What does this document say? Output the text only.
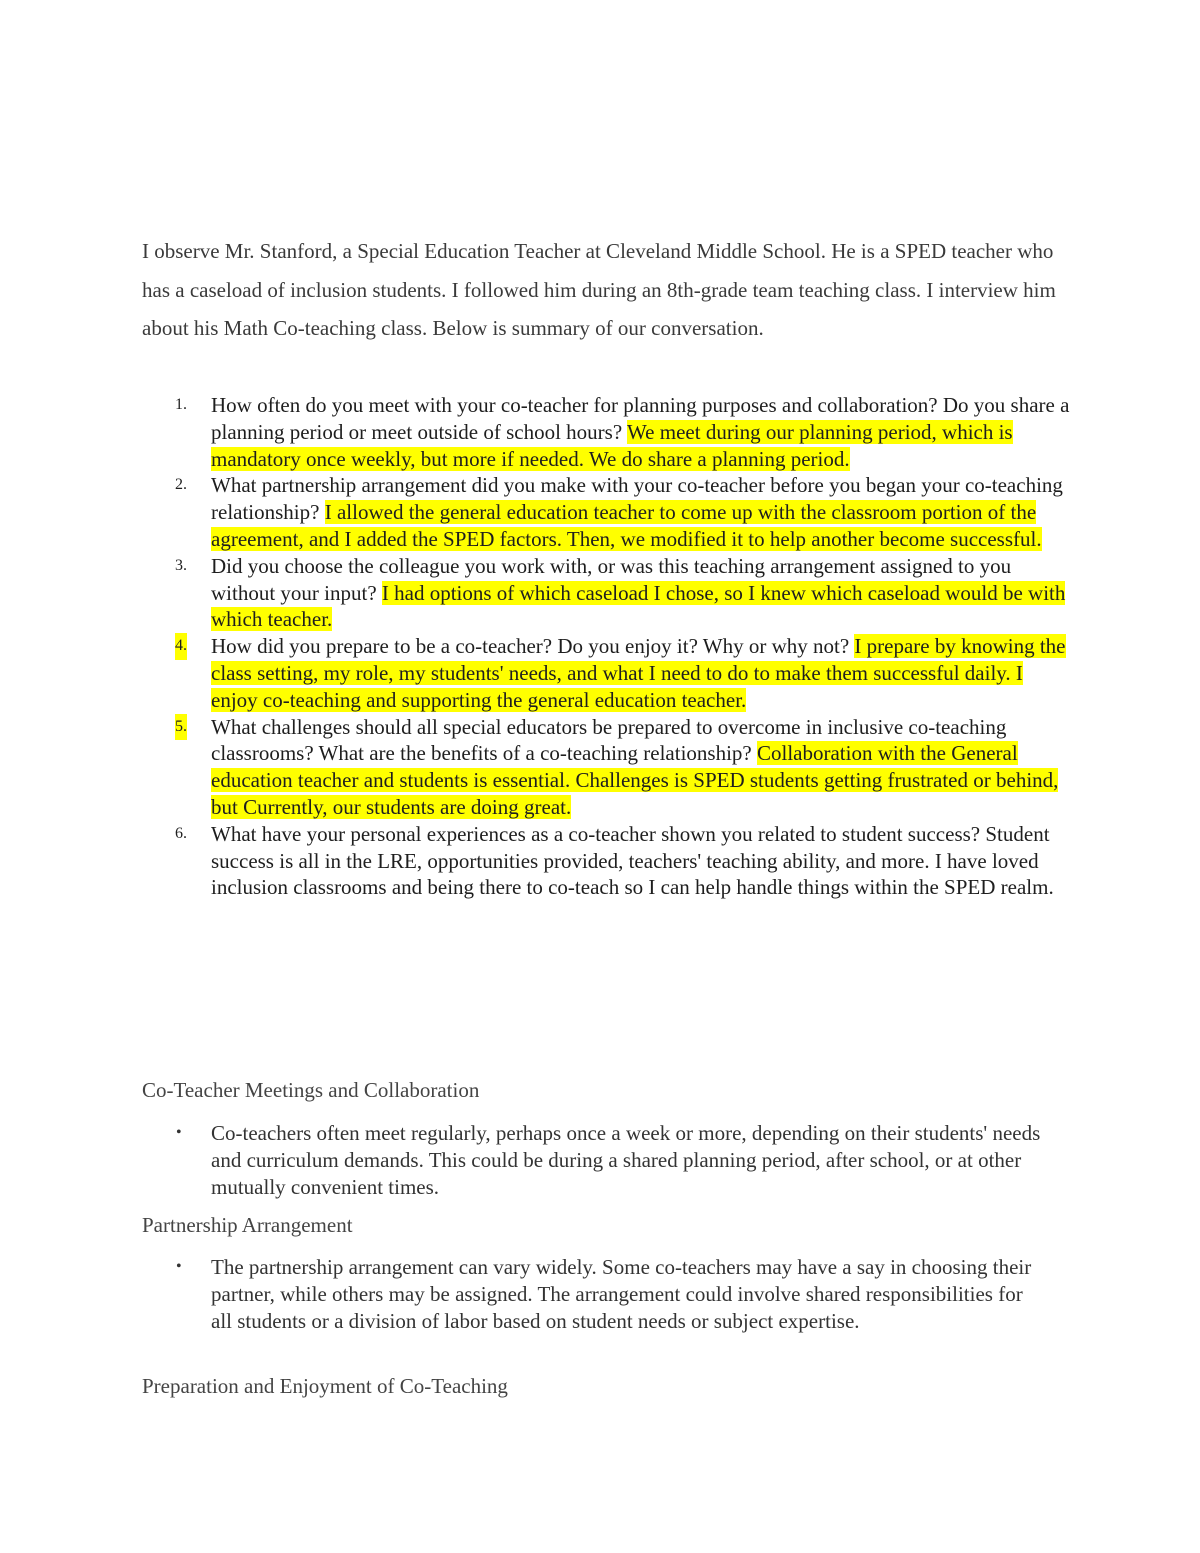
I observe Mr. Stanford, a Special Education Teacher at Cleveland Middle School. He is a SPED teacher who has a caseload of inclusion students. I followed him during an 8th-grade team teaching class. I interview him about his Math Co-teaching class. Below is summary of our conversation.

1. How often do you meet with your co-teacher for planning purposes and collaboration? Do you share a planning period or meet outside of school hours? We meet during our planning period, which is mandatory once weekly, but more if needed. We do share a planning period.
2. What partnership arrangement did you make with your co-teacher before you began your co-teaching relationship? I allowed the general education teacher to come up with the classroom portion of the agreement, and I added the SPED factors. Then, we modified it to help another become successful.
3. Did you choose the colleague you work with, or was this teaching arrangement assigned to you without your input? I had options of which caseload I chose, so I knew which caseload would be with which teacher.
4. How did you prepare to be a co-teacher? Do you enjoy it? Why or why not? I prepare by knowing the class setting, my role, my students' needs, and what I need to do to make them successful daily. I enjoy co-teaching and supporting the general education teacher.
5. What challenges should all special educators be prepared to overcome in inclusive co-teaching classrooms? What are the benefits of a co-teaching relationship? Collaboration with the General education teacher and students is essential. Challenges is SPED students getting frustrated or behind, but Currently, our students are doing great.
6. What have your personal experiences as a co-teacher shown you related to student success? Student success is all in the LRE, opportunities provided, teachers' teaching ability, and more. I have loved inclusion classrooms and being there to co-teach so I can help handle things within the SPED realm.
Co-Teacher Meetings and Collaboration
• Co-teachers often meet regularly, perhaps once a week or more, depending on their students' needs and curriculum demands. This could be during a shared planning period, after school, or at other mutually convenient times.
Partnership Arrangement
• The partnership arrangement can vary widely. Some co-teachers may have a say in choosing their partner, while others may be assigned. The arrangement could involve shared responsibilities for all students or a division of labor based on student needs or subject expertise.
Preparation and Enjoyment of Co-Teaching
